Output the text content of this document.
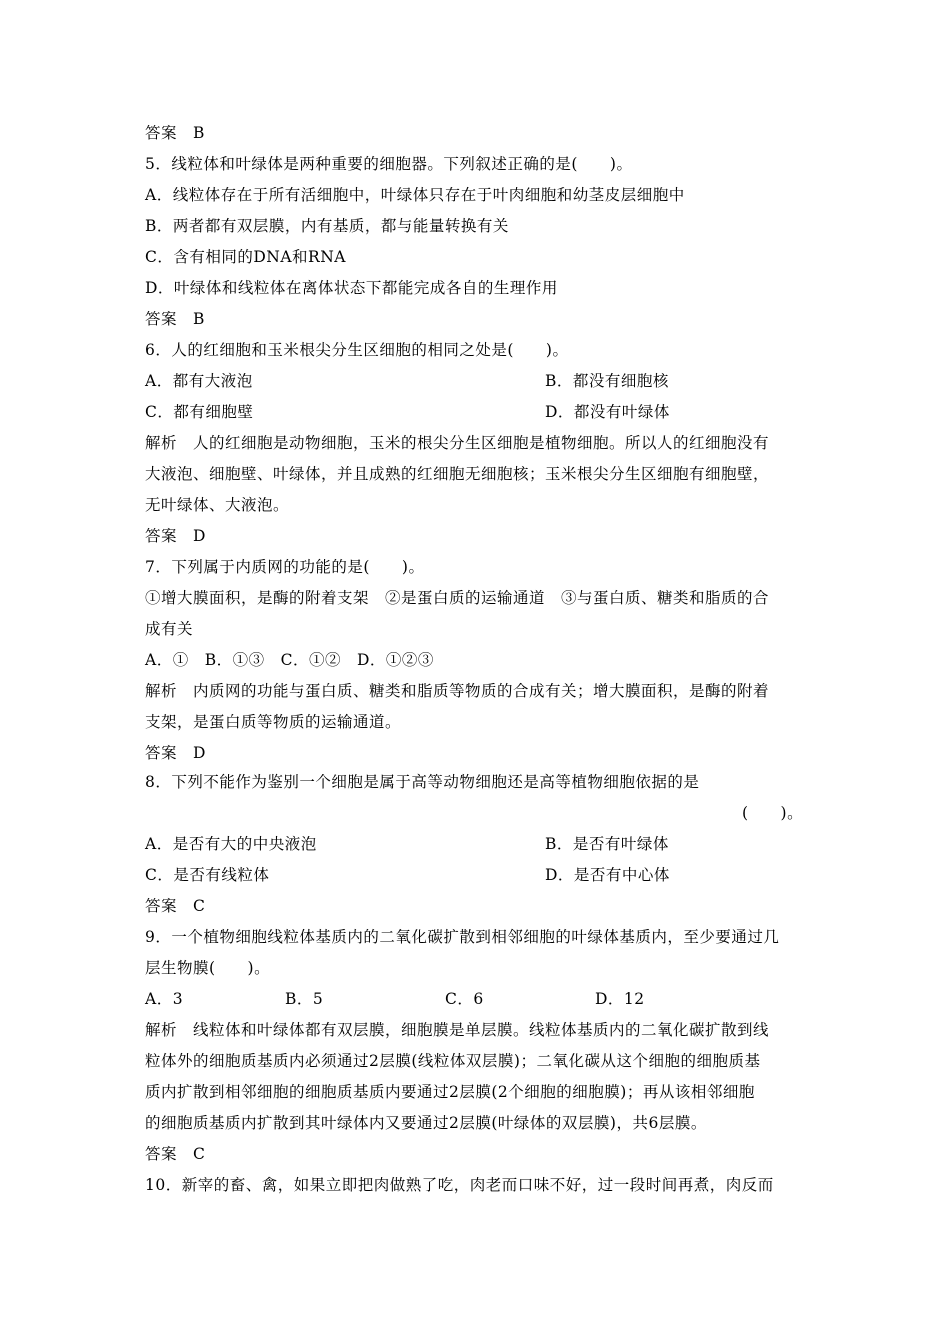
答案　B
5．线粒体和叶绿体是两种重要的细胞器。下列叙述正确的是(　　)。
A．线粒体存在于所有活细胞中，叶绿体只存在于叶肉细胞和幼茎皮层细胞中
B．两者都有双层膜，内有基质，都与能量转换有关
C．含有相同的DNA和RNA
D．叶绿体和线粒体在离体状态下都能完成各自的生理作用
答案　B
6．人的红细胞和玉米根尖分生区细胞的相同之处是(　　)。
A．都有大液泡	B．都没有细胞核
C．都有细胞壁	D．都没有叶绿体
解析　人的红细胞是动物细胞，玉米的根尖分生区细胞是植物细胞。所以人的红细胞没有
大液泡、细胞壁、叶绿体，并且成熟的红细胞无细胞核；玉米根尖分生区细胞有细胞壁，
无叶绿体、大液泡。
答案　D
7．下列属于内质网的功能的是(　　)。
①增大膜面积，是酶的附着支架　②是蛋白质的运输通道　③与蛋白质、糖类和脂质的合
成有关
A．①　B．①③　C．①②　D．①②③
解析　内质网的功能与蛋白质、糖类和脂质等物质的合成有关；增大膜面积，是酶的附着
支架，是蛋白质等物质的运输通道。
答案　D
8．下列不能作为鉴别一个细胞是属于高等动物细胞还是高等植物细胞依据的是
(　　)。
A．是否有大的中央液泡	B．是否有叶绿体
C．是否有线粒体	D．是否有中心体
答案　C
9．一个植物细胞线粒体基质内的二氧化碳扩散到相邻细胞的叶绿体基质内，至少要通过几
层生物膜(　　)。
A．3	B．5	C．6	D．12
解析　线粒体和叶绿体都有双层膜，细胞膜是单层膜。线粒体基质内的二氧化碳扩散到线
粒体外的细胞质基质内必须通过2层膜(线粒体双层膜)；二氧化碳从这个细胞的细胞质基
质内扩散到相邻细胞的细胞质基质内要通过2层膜(2个细胞的细胞膜)；再从该相邻细胞
的细胞质基质内扩散到其叶绿体内又要通过2层膜(叶绿体的双层膜)，共6层膜。
答案　C
10．新宰的畜、禽，如果立即把肉做熟了吃，肉老而口味不好，过一段时间再煮，肉反而
